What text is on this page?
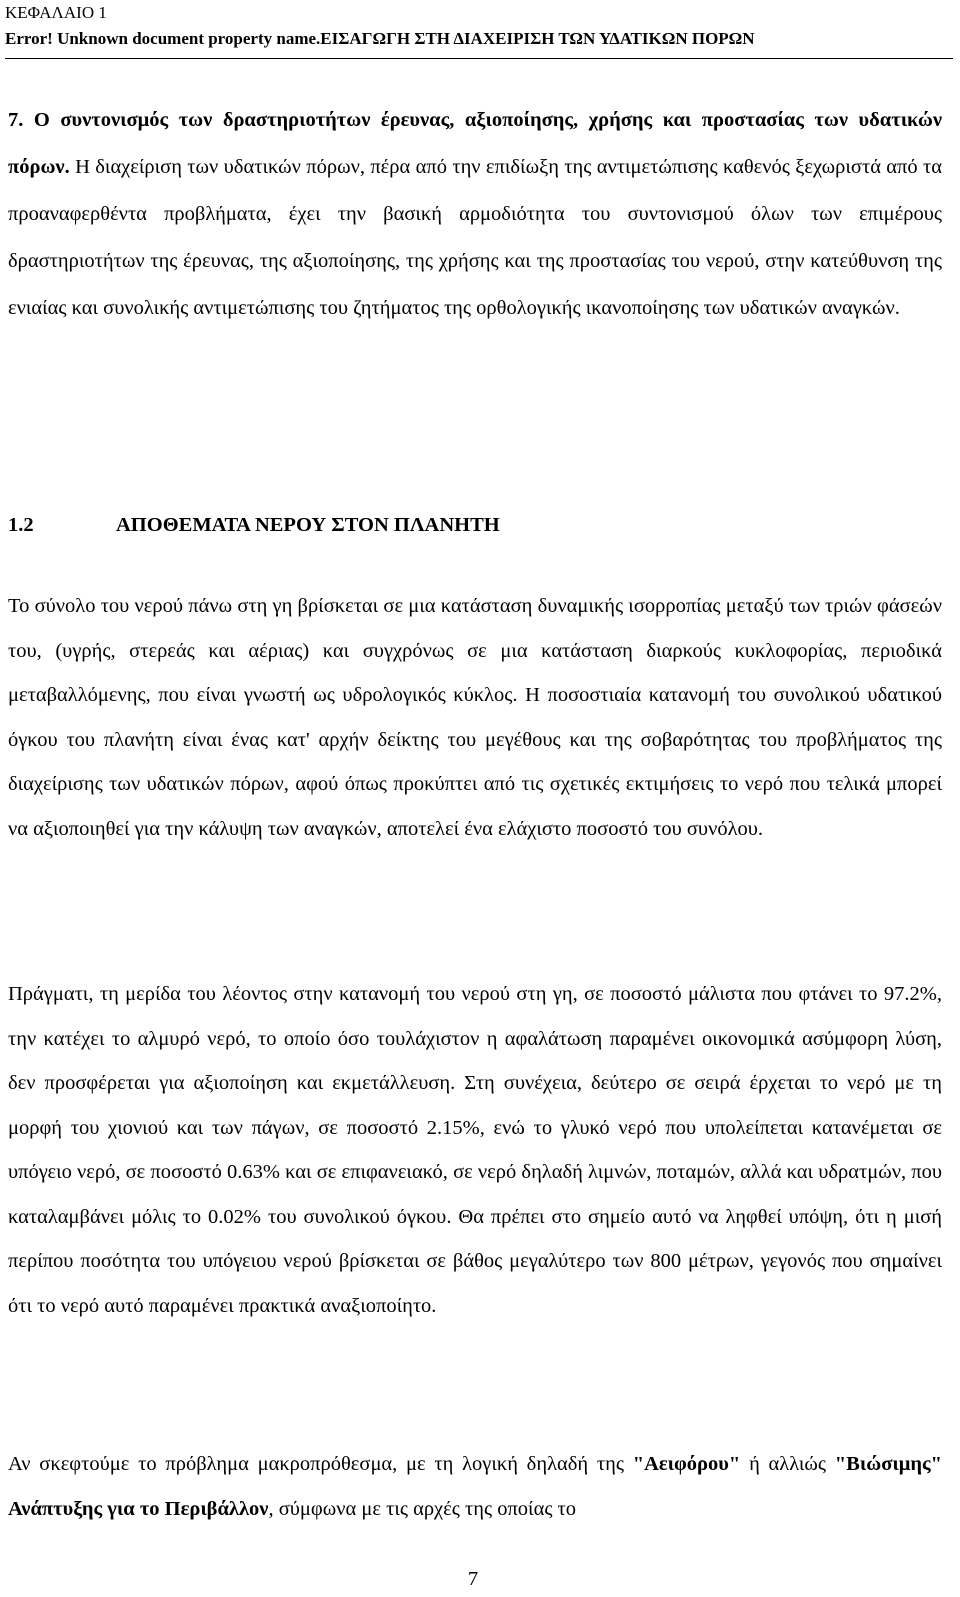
ΚΕΦΑΛΑΙΟ 1
Error! Unknown document property name.ΕΙΣΑΓΩΓΗ ΣΤΗ ΔΙΑΧΕΙΡΙΣΗ ΤΩΝ ΥΔΑΤΙΚΩΝ ΠΟΡΩΝ

7. Ο συντονισμός των δραστηριοτήτων έρευνας, αξιοποίησης, χρήσης και προστασίας των υδατικών πόρων. Η διαχείριση των υδατικών πόρων, πέρα από την επιδίωξη της αντιμετώπισης καθενός ξεχωριστά από τα προαναφερθέντα προβλήματα, έχει την βασική αρμοδιότητα του συντονισμού όλων των επιμέρους δραστηριοτήτων της έρευνας, της αξιοποίησης, της χρήσης και της προστασίας του νερού, στην κατεύθυνση της ενιαίας και συνολικής αντιμετώπισης του ζητήματος της ορθολογικής ικανοποίησης των υδατικών αναγκών.

1.2	ΑΠΟΘΕΜΑΤΑ ΝΕΡΟΥ ΣΤΟΝ ΠΛΑΝΗΤΗ

Το σύνολο του νερού πάνω στη γη βρίσκεται σε μια κατάσταση δυναμικής ισορροπίας μεταξύ των τριών φάσεών του, (υγρής, στερεάς και αέριας) και συγχρόνως σε μια κατάσταση διαρκούς κυκλοφορίας, περιοδικά μεταβαλλόμενης, που είναι γνωστή ως υδρολογικός κύκλος. Η ποσοστιαία κατανομή του συνολικού υδατικού όγκου του πλανήτη είναι ένας κατ' αρχήν δείκτης του μεγέθους και της σοβαρότητας του προβλήματος της διαχείρισης των υδατικών πόρων, αφού όπως προκύπτει από τις σχετικές εκτιμήσεις το νερό που τελικά μπορεί να αξιοποιηθεί για την κάλυψη των αναγκών, αποτελεί ένα ελάχιστο ποσοστό του συνόλου.

Πράγματι, τη μερίδα του λέοντος στην κατανομή του νερού στη γη, σε ποσοστό μάλιστα που φτάνει το 97.2%, την κατέχει το αλμυρό νερό, το οποίο όσο τουλάχιστον η αφαλάτωση παραμένει οικονομικά ασύμφορη λύση, δεν προσφέρεται για αξιοποίηση και εκμετάλλευση. Στη συνέχεια, δεύτερο σε σειρά έρχεται το νερό με τη μορφή του χιονιού και των πάγων, σε ποσοστό 2.15%, ενώ το γλυκό νερό που υπολείπεται κατανέμεται σε υπόγειο νερό, σε ποσοστό 0.63% και σε επιφανειακό, σε νερό δηλαδή λιμνών, ποταμών, αλλά και υδρατμών, που καταλαμβάνει μόλις το 0.02% του συνολικού όγκου. Θα πρέπει στο σημείο αυτό να ληφθεί υπόψη, ότι η μισή περίπου ποσότητα του υπόγειου νερού βρίσκεται σε βάθος μεγαλύτερο των 800 μέτρων, γεγονός που σημαίνει ότι το νερό αυτό παραμένει πρακτικά αναξιοποίητο.

Αν σκεφτούμε το πρόβλημα μακροπρόθεσμα, με τη λογική δηλαδή της "Αειφόρου" ή αλλιώς "Βιώσιμης" Ανάπτυξης για το Περιβάλλον, σύμφωνα με τις αρχές της οποίας το

7
